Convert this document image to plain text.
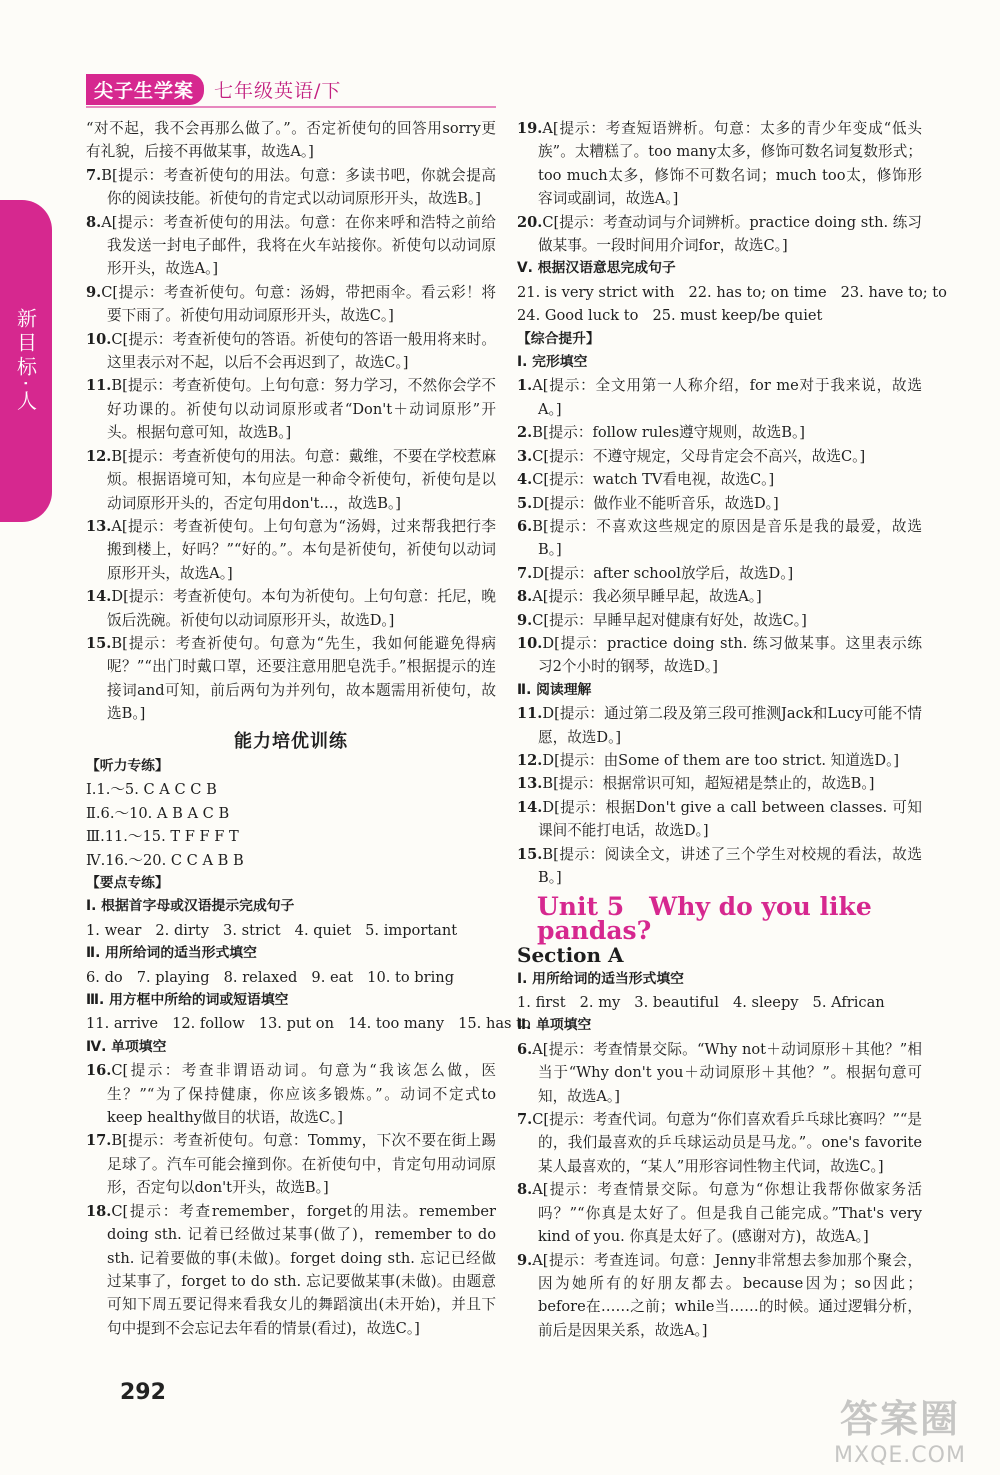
尖子生学案	七年级英语/下
新目标·人

“对不起，我不会再那么做了。”。否定祈使句的回答用sorry更有礼貌，后接不再做某事，故选A。]

7.B[提示：考查祈使句的用法。句意：多读书吧，你就会提高你的阅读技能。祈使句的肯定式以动词原形开头，故选B。]

8.A[提示：考查祈使句的用法。句意：在你来呼和浩特之前给我发送一封电子邮件，我将在火车站接你。祈使句以动词原形开头，故选A。]

9.C[提示：考查祈使句。句意：汤姆，带把雨伞。看云彩！将要下雨了。祈使句用动词原形开头，故选C。]

10.C[提示：考查祈使句的答语。祈使句的答语一般用将来时。这里表示对不起，以后不会再迟到了，故选C。]

11.B[提示：考查祈使句。上句句意：努力学习，不然你会学不好功课的。祈使句以动词原形或者“Don't＋动词原形”开头。根据句意可知，故选B。]

12.B[提示：考查祈使句的用法。句意：戴维，不要在学校惹麻烦。根据语境可知，本句应是一种命令祈使句，祈使句是以动词原形开头的，否定句用don't...，故选B。]

13.A[提示：考查祈使句。上句句意为“汤姆，过来帮我把行李搬到楼上，好吗？”“好的。”。本句是祈使句，祈使句以动词原形开头，故选A。]

14.D[提示：考查祈使句。本句为祈使句。上句句意：托尼，晚饭后洗碗。祈使句以动词原形开头，故选D。]

15.B[提示：考查祈使句。句意为“先生，我如何能避免得病呢？”“出门时戴口罩，还要注意用肥皂洗手。”根据提示的连接词and可知，前后两句为并列句，故本题需用祈使句，故选B。]

能力培优训练

【听力专练】

Ⅰ.1.～5. C A C C B

Ⅱ.6.～10. A B A C B

Ⅲ.11.～15. T F F F T

Ⅳ.16.～20. C C A B B

【要点专练】

Ⅰ. 根据首字母或汉语提示完成句子

1. wear 2. dirty 3. strict 4. quiet 5. important

Ⅱ. 用所给词的适当形式填空

6. do 7. playing 8. relaxed 9. eat 10. to bring

Ⅲ. 用方框中所给的词或短语填空

11. arrive 12. follow 13. put on 14. too many 15. has to

Ⅳ. 单项填空

16.C[提示：考查非谓语动词。句意为“我该怎么做，医生？”“为了保持健康，你应该多锻炼。”。动词不定式to keep healthy做目的状语，故选C。]

17.B[提示：考查祈使句。句意：Tommy，下次不要在街上踢足球了。汽车可能会撞到你。在祈使句中，肯定句用动词原形，否定句以don't开头，故选B。]

18.C[提示：考查remember，forget的用法。remember doing sth. 记着已经做过某事(做了)，remember to do sth. 记着要做的事(未做)。forget doing sth. 忘记已经做过某事了，forget to do sth. 忘记要做某事(未做)。由题意可知下周五要记得来看我女儿的舞蹈演出(未开始)，并且下句中提到不会忘记去年看的情景(看过)，故选C。]

19.A[提示：考查短语辨析。句意：太多的青少年变成“低头族”。太糟糕了。too many太多，修饰可数名词复数形式；too much太多，修饰不可数名词；much too太，修饰形容词或副词，故选A。]

20.C[提示：考查动词与介词辨析。practice doing sth. 练习做某事。一段时间用介词for，故选C。]

Ⅴ. 根据汉语意思完成句子

21. is very strict with 22. has to; on time 23. have to; to

24. Good luck to 25. must keep/be quiet

【综合提升】

Ⅰ. 完形填空

1.A[提示：全文用第一人称介绍，for me对于我来说，故选A。]

2.B[提示：follow rules遵守规则，故选B。]

3.C[提示：不遵守规定，父母肯定会不高兴，故选C。]

4.C[提示：watch TV看电视，故选C。]

5.D[提示：做作业不能听音乐，故选D。]

6.B[提示：不喜欢这些规定的原因是音乐是我的最爱，故选B。]

7.D[提示：after school放学后，故选D。]

8.A[提示：我必须早睡早起，故选A。]

9.C[提示：早睡早起对健康有好处，故选C。]

10.D[提示：practice doing sth. 练习做某事。这里表示练习2个小时的钢琴，故选D。]

Ⅱ. 阅读理解

11.D[提示：通过第二段及第三段可推测Jack和Lucy可能不情愿，故选D。]

12.D[提示：由Some of them are too strict. 知道选D。]

13.B[提示：根据常识可知，超短裙是禁止的，故选B。]

14.D[提示：根据Don't give a call between classes. 可知课间不能打电话，故选D。]

15.B[提示：阅读全文，讲述了三个学生对校规的看法，故选B。]

Unit 5　Why do you like pandas?
Section A

Ⅰ. 用所给词的适当形式填空

1. first 2. my 3. beautiful 4. sleepy 5. African

Ⅱ. 单项填空

6.A[提示：考查情景交际。“Why not＋动词原形＋其他？”相当于“Why don't you＋动词原形＋其他？”。根据句意可知，故选A。]

7.C[提示：考查代词。句意为“你们喜欢看乒乓球比赛吗？”“是的，我们最喜欢的乒乓球运动员是马龙。”。one's favorite某人最喜欢的，“某人”用形容词性物主代词，故选C。]

8.A[提示：考查情景交际。句意为“你想让我帮你做家务活吗？”“你真是太好了。但是我自己能完成。”That's very kind of you. 你真是太好了。(感谢对方)，故选A。]

9.A[提示：考查连词。句意：Jenny非常想去参加那个聚会，因为她所有的好朋友都去。because因为；so因此；before在……之前；while当……的时候。通过逻辑分析，前后是因果关系，故选A。]

292
答案圈
MXQE.COM
